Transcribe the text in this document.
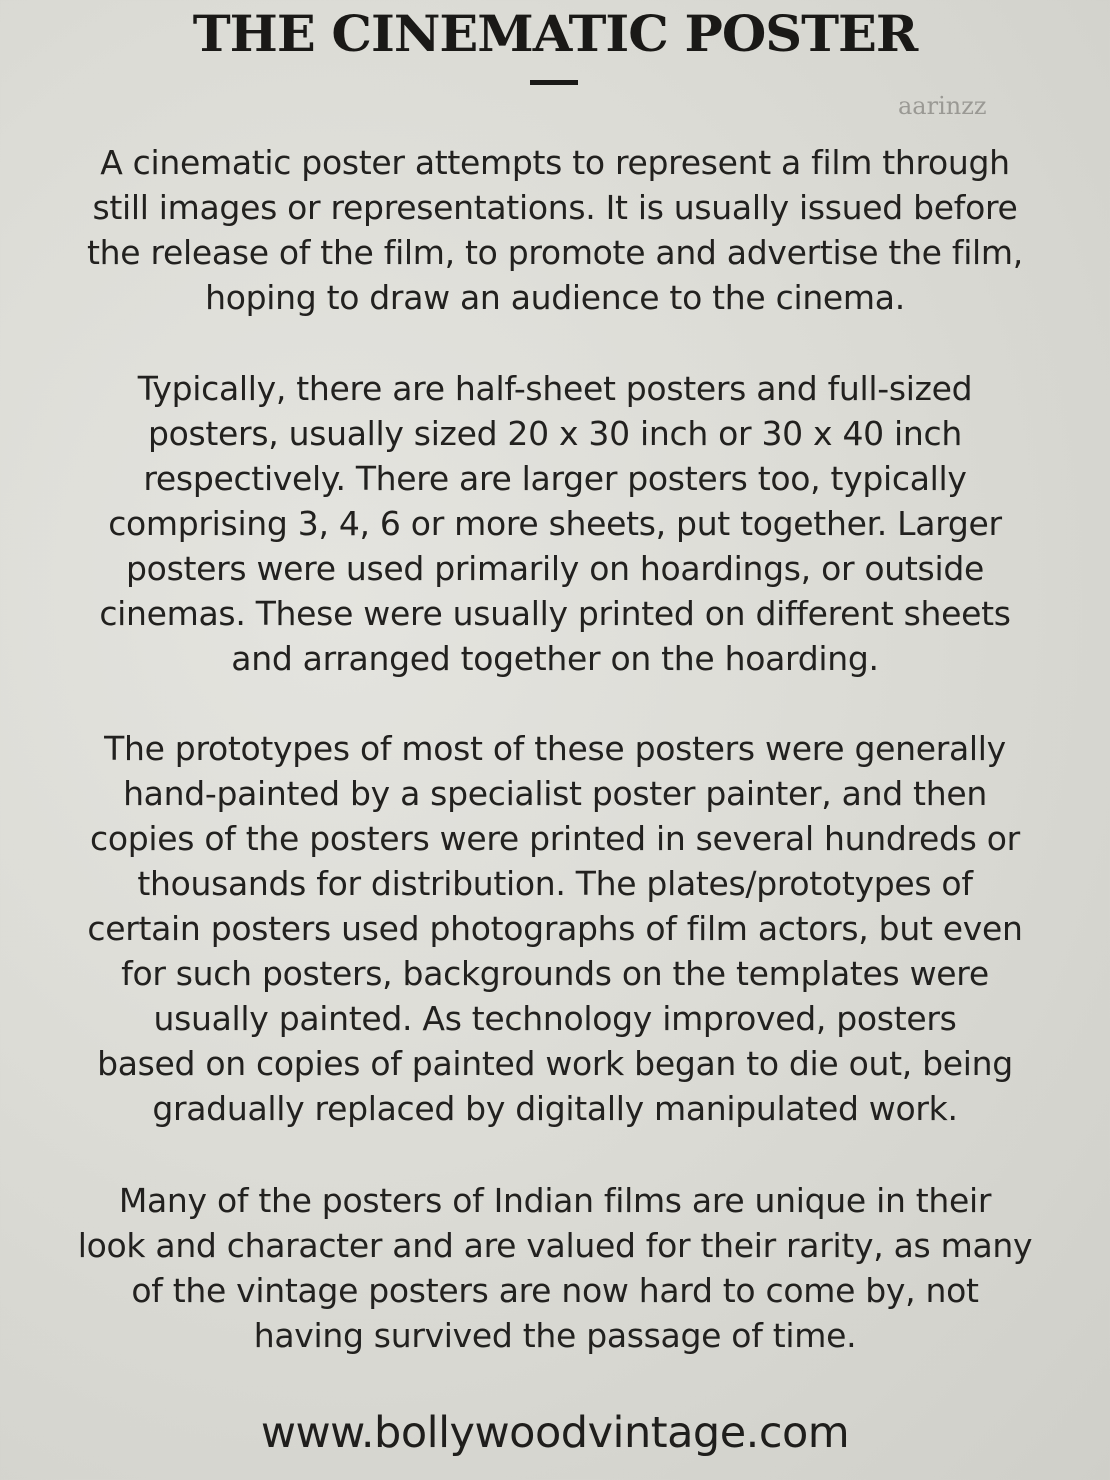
THE CINEMATIC POSTER
aarinzz

A cinematic poster attempts to represent a film through
still images or representations. It is usually issued before
the release of the film, to promote and advertise the film,
hoping to draw an audience to the cinema.

Typically, there are half-sheet posters and full-sized
posters, usually sized 20 x 30 inch or 30 x 40 inch
respectively. There are larger posters too, typically
comprising 3, 4, 6 or more sheets, put together. Larger
posters were used primarily on hoardings, or outside
cinemas. These were usually printed on different sheets
and arranged together on the hoarding.

The prototypes of most of these posters were generally
hand-painted by a specialist poster painter, and then
copies of the posters were printed in several hundreds or
thousands for distribution. The plates/prototypes of
certain posters used photographs of film actors, but even
for such posters, backgrounds on the templates were
usually painted. As technology improved, posters
based on copies of painted work began to die out, being
gradually replaced by digitally manipulated work.

Many of the posters of Indian films are unique in their
look and character and are valued for their rarity, as many
of the vintage posters are now hard to come by, not
having survived the passage of time.

www.bollywoodvintage.com
